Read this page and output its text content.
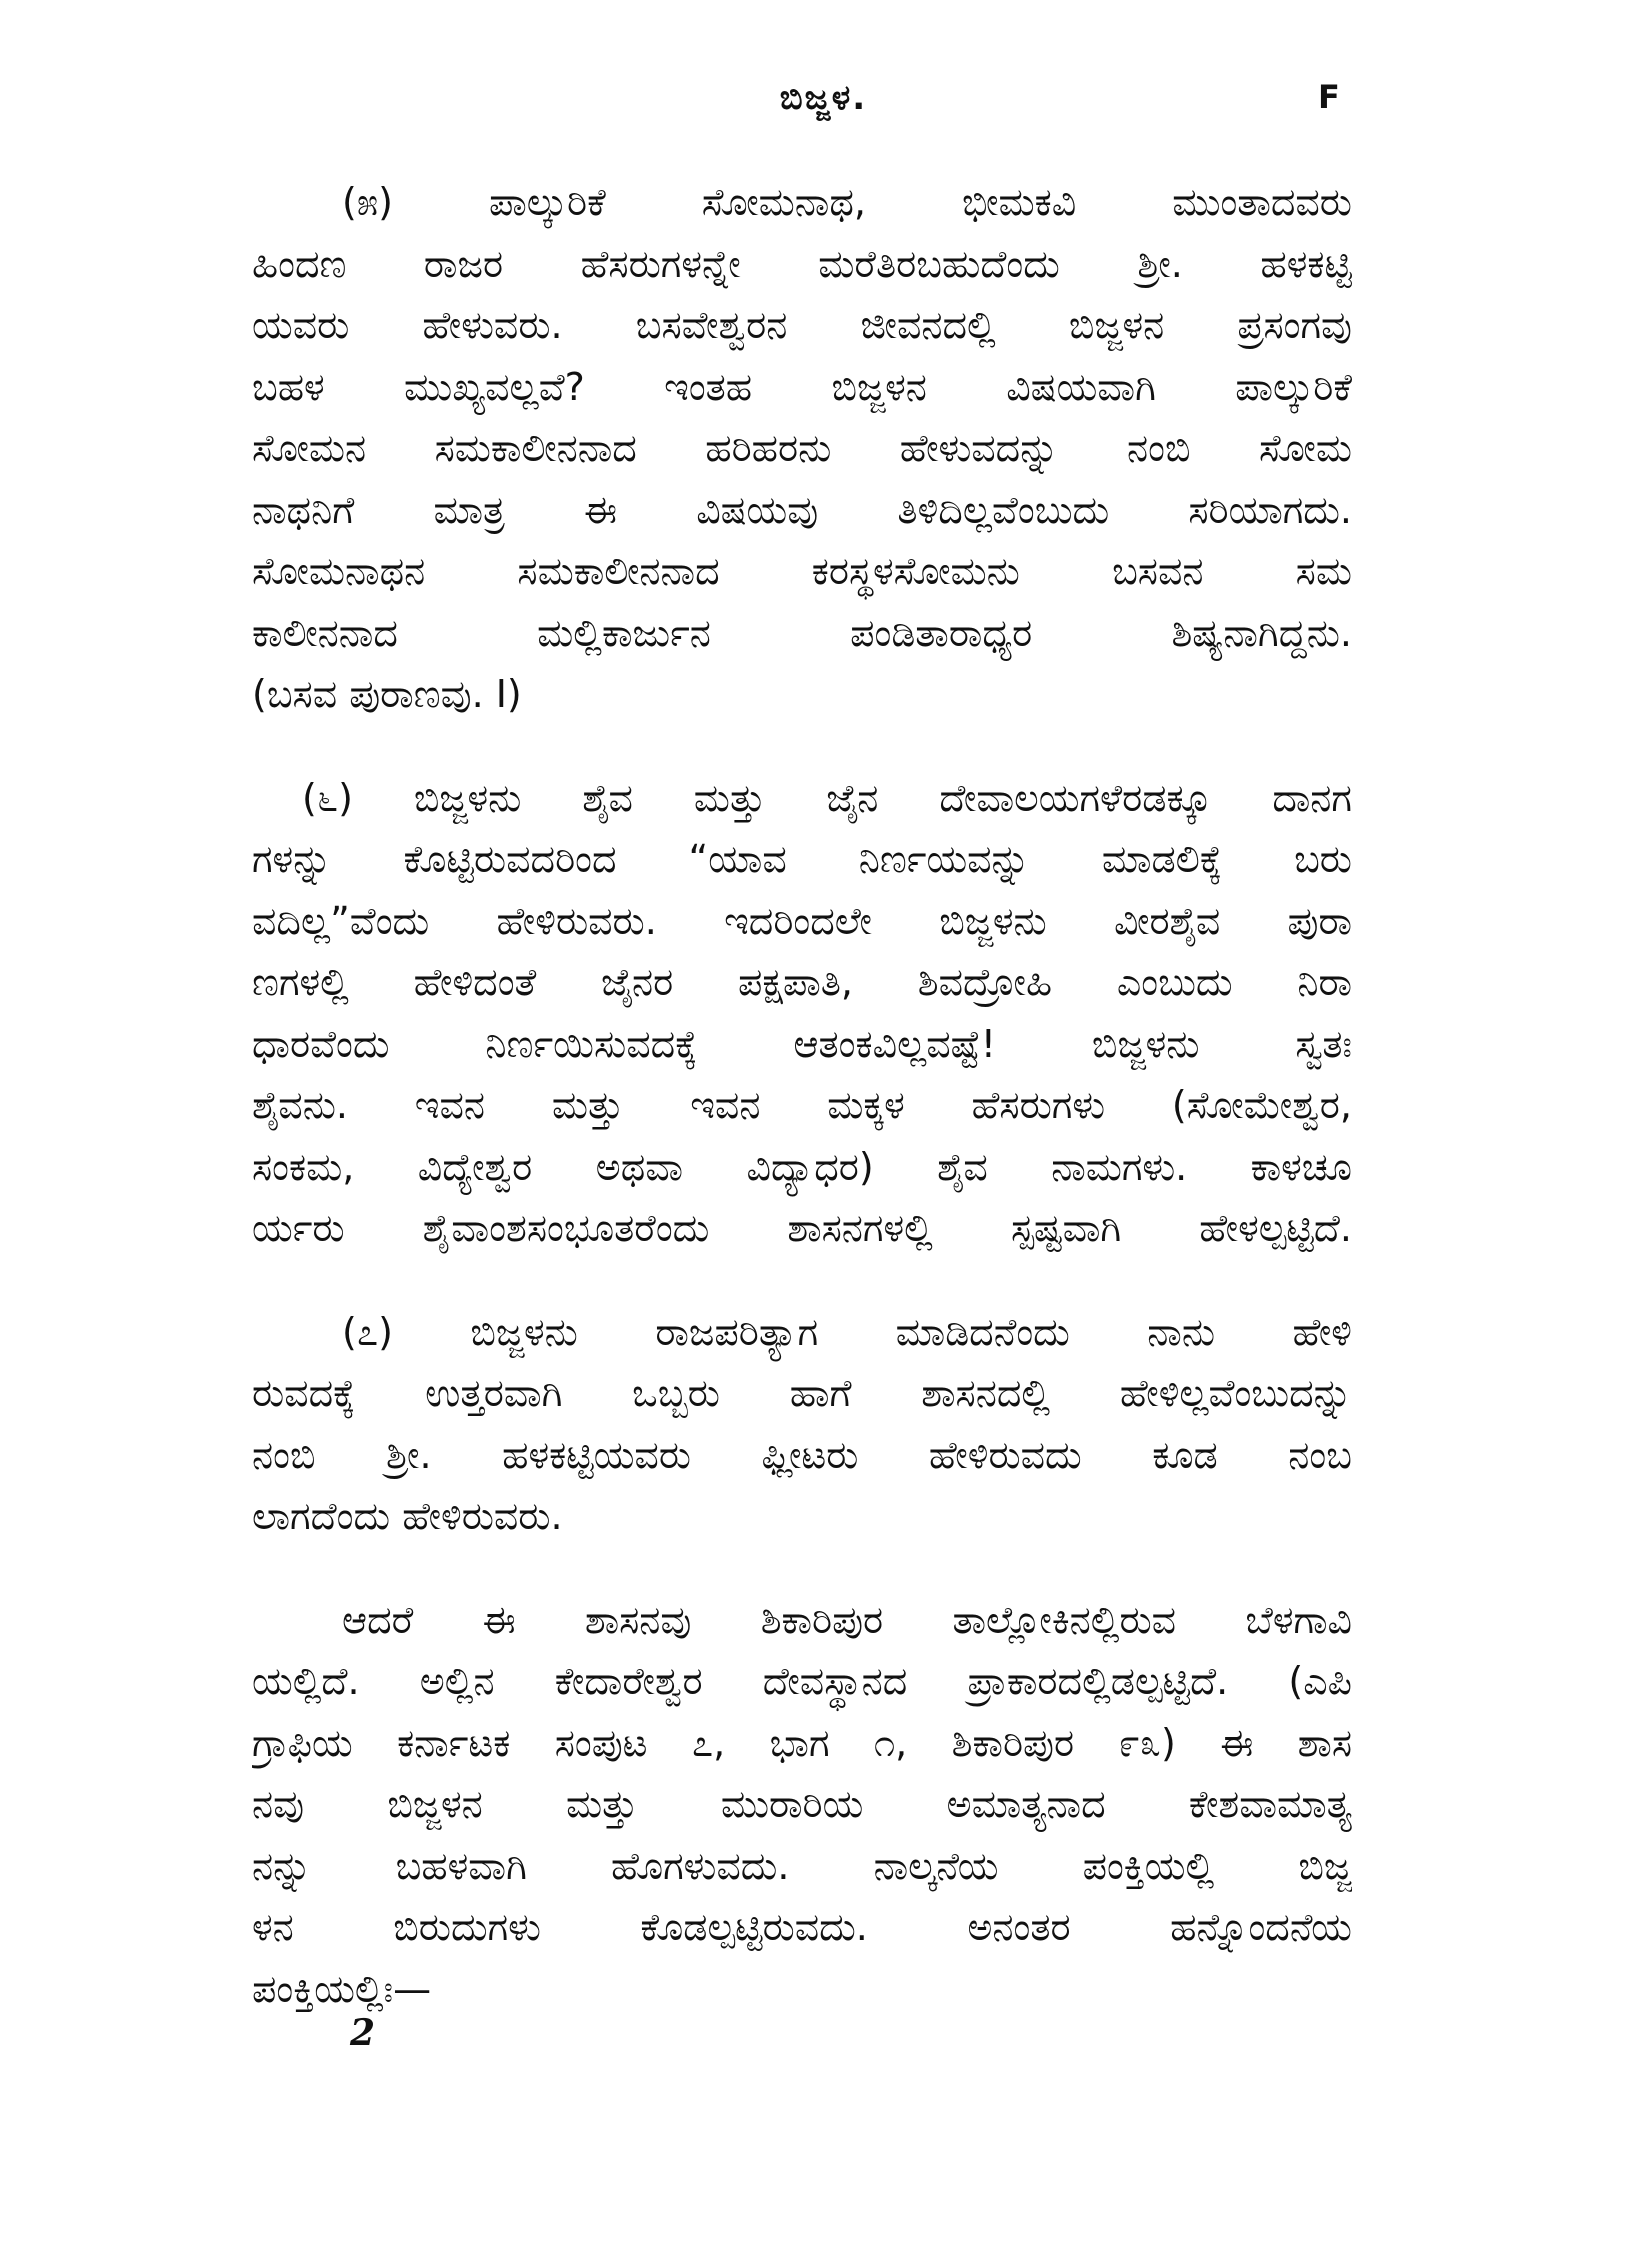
ಬಿಜ್ಜಳ.	F
(೫) ಪಾಲ್ಕುರಿಕೆ ಸೋಮನಾಥ, ಭೀಮಕವಿ ಮುಂತಾದವರು
ಹಿಂದಣ ರಾಜರ ಹೆಸರುಗಳನ್ನೇ ಮರೆತಿರಬಹುದೆಂದು ಶ್ರೀ. ಹಳಕಟ್ಟಿ
ಯವರು ಹೇಳುವರು. ಬಸವೇಶ್ವರನ ಜೀವನದಲ್ಲಿ ಬಿಜ್ಜಳನ ಪ್ರಸಂಗವು
ಬಹಳ ಮುಖ್ಯವಲ್ಲವೆ? ಇಂತಹ ಬಿಜ್ಜಳನ ವಿಷಯವಾಗಿ ಪಾಲ್ಕುರಿಕೆ
ಸೋಮನ ಸಮಕಾಲೀನನಾದ ಹರಿಹರನು ಹೇಳುವದನ್ನು ನಂಬಿ ಸೋಮ
ನಾಥನಿಗೆ ಮಾತ್ರ ಈ ವಿಷಯವು ತಿಳಿದಿಲ್ಲವೆಂಬುದು ಸರಿಯಾಗದು.
ಸೋಮನಾಥನ ಸಮಕಾಲೀನನಾದ ಕರಸ್ಥಳಸೋಮನು ಬಸವನ ಸಮ
ಕಾಲೀನನಾದ ಮಲ್ಲಿಕಾರ್ಜುನ ಪಂಡಿತಾರಾಧ್ಯರ ಶಿಷ್ಯನಾಗಿದ್ದನು.
(ಬಸವ ಪುರಾಣವು. I)
(೬) ಬಿಜ್ಜಳನು ಶೈವ ಮತ್ತು ಜೈನ ದೇವಾಲಯಗಳೆರಡಕ್ಕೂ ದಾನಗ
ಗಳನ್ನು ಕೊಟ್ಟಿರುವದರಿಂದ “ಯಾವ ನಿರ್ಣಯವನ್ನು ಮಾಡಲಿಕ್ಕೆ ಬರು
ವದಿಲ್ಲ”ವೆಂದು ಹೇಳಿರುವರು. ಇದರಿಂದಲೇ ಬಿಜ್ಜಳನು ವೀರಶೈವ ಪುರಾ
ಣಗಳಲ್ಲಿ ಹೇಳಿದಂತೆ ಜೈನರ ಪಕ್ಷಪಾತಿ, ಶಿವದ್ರೋಹಿ ಎಂಬುದು ನಿರಾ
ಧಾರವೆಂದು ನಿರ್ಣಯಿಸುವದಕ್ಕೆ ಆತಂಕವಿಲ್ಲವಷ್ಟೆ! ಬಿಜ್ಜಳನು ಸ್ವತಃ
ಶೈವನು. ಇವನ ಮತ್ತು ಇವನ ಮಕ್ಕಳ ಹೆಸರುಗಳು (ಸೋಮೇಶ್ವರ,
ಸಂಕಮ, ವಿದ್ಯೇಶ್ವರ ಅಥವಾ ವಿದ್ಯಾಧರ) ಶೈವ ನಾಮಗಳು. ಕಾಳಚೂ
ರ್ಯರು ಶೈವಾಂಶಸಂಭೂತರೆಂದು ಶಾಸನಗಳಲ್ಲಿ ಸ್ಪಷ್ಟವಾಗಿ ಹೇಳಲ್ಪಟ್ಟಿದೆ.
(೭) ಬಿಜ್ಜಳನು ರಾಜಪರಿತ್ಯಾಗ ಮಾಡಿದನೆಂದು ನಾನು ಹೇಳಿ
ರುವದಕ್ಕೆ ಉತ್ತರವಾಗಿ ಒಬ್ಬರು ಹಾಗೆ ಶಾಸನದಲ್ಲಿ ಹೇಳಿಲ್ಲವೆಂಬುದನ್ನು
ನಂಬಿ ಶ್ರೀ. ಹಳಕಟ್ಟಿಯವರು ಫ್ಲೀಟರು ಹೇಳಿರುವದು ಕೂಡ ನಂಬ
ಲಾಗದೆಂದು ಹೇಳಿರುವರು.
ಆದರೆ ಈ ಶಾಸನವು ಶಿಕಾರಿಪುರ ತಾಲ್ಲೋಕಿನಲ್ಲಿರುವ ಬೆಳಗಾವಿ
ಯಲ್ಲಿದೆ. ಅಲ್ಲಿನ ಕೇದಾರೇಶ್ವರ ದೇವಸ್ಥಾನದ ಪ್ರಾಕಾರದಲ್ಲಿಡಲ್ಪಟ್ಟಿದೆ. (ಎಪಿ
ಗ್ರಾಫಿಯ ಕರ್ನಾಟಕ ಸಂಪುಟ ೭, ಭಾಗ ೧, ಶಿಕಾರಿಪುರ ೯೩) ಈ ಶಾಸ
ನವು ಬಿಜ್ಜಳನ ಮತ್ತು ಮುರಾರಿಯ ಅಮಾತ್ಯನಾದ ಕೇಶವಾಮಾತ್ಯ
ನನ್ನು ಬಹಳವಾಗಿ ಹೊಗಳುವದು. ನಾಲ್ಕನೆಯ ಪಂಕ್ತಿಯಲ್ಲಿ ಬಿಜ್ಜ
ಳನ ಬಿರುದುಗಳು ಕೊಡಲ್ಪಟ್ಟಿರುವದು. ಅನಂತರ ಹನ್ನೊಂದನೆಯ
ಪಂಕ್ತಿಯಲ್ಲಿಃ—
2
